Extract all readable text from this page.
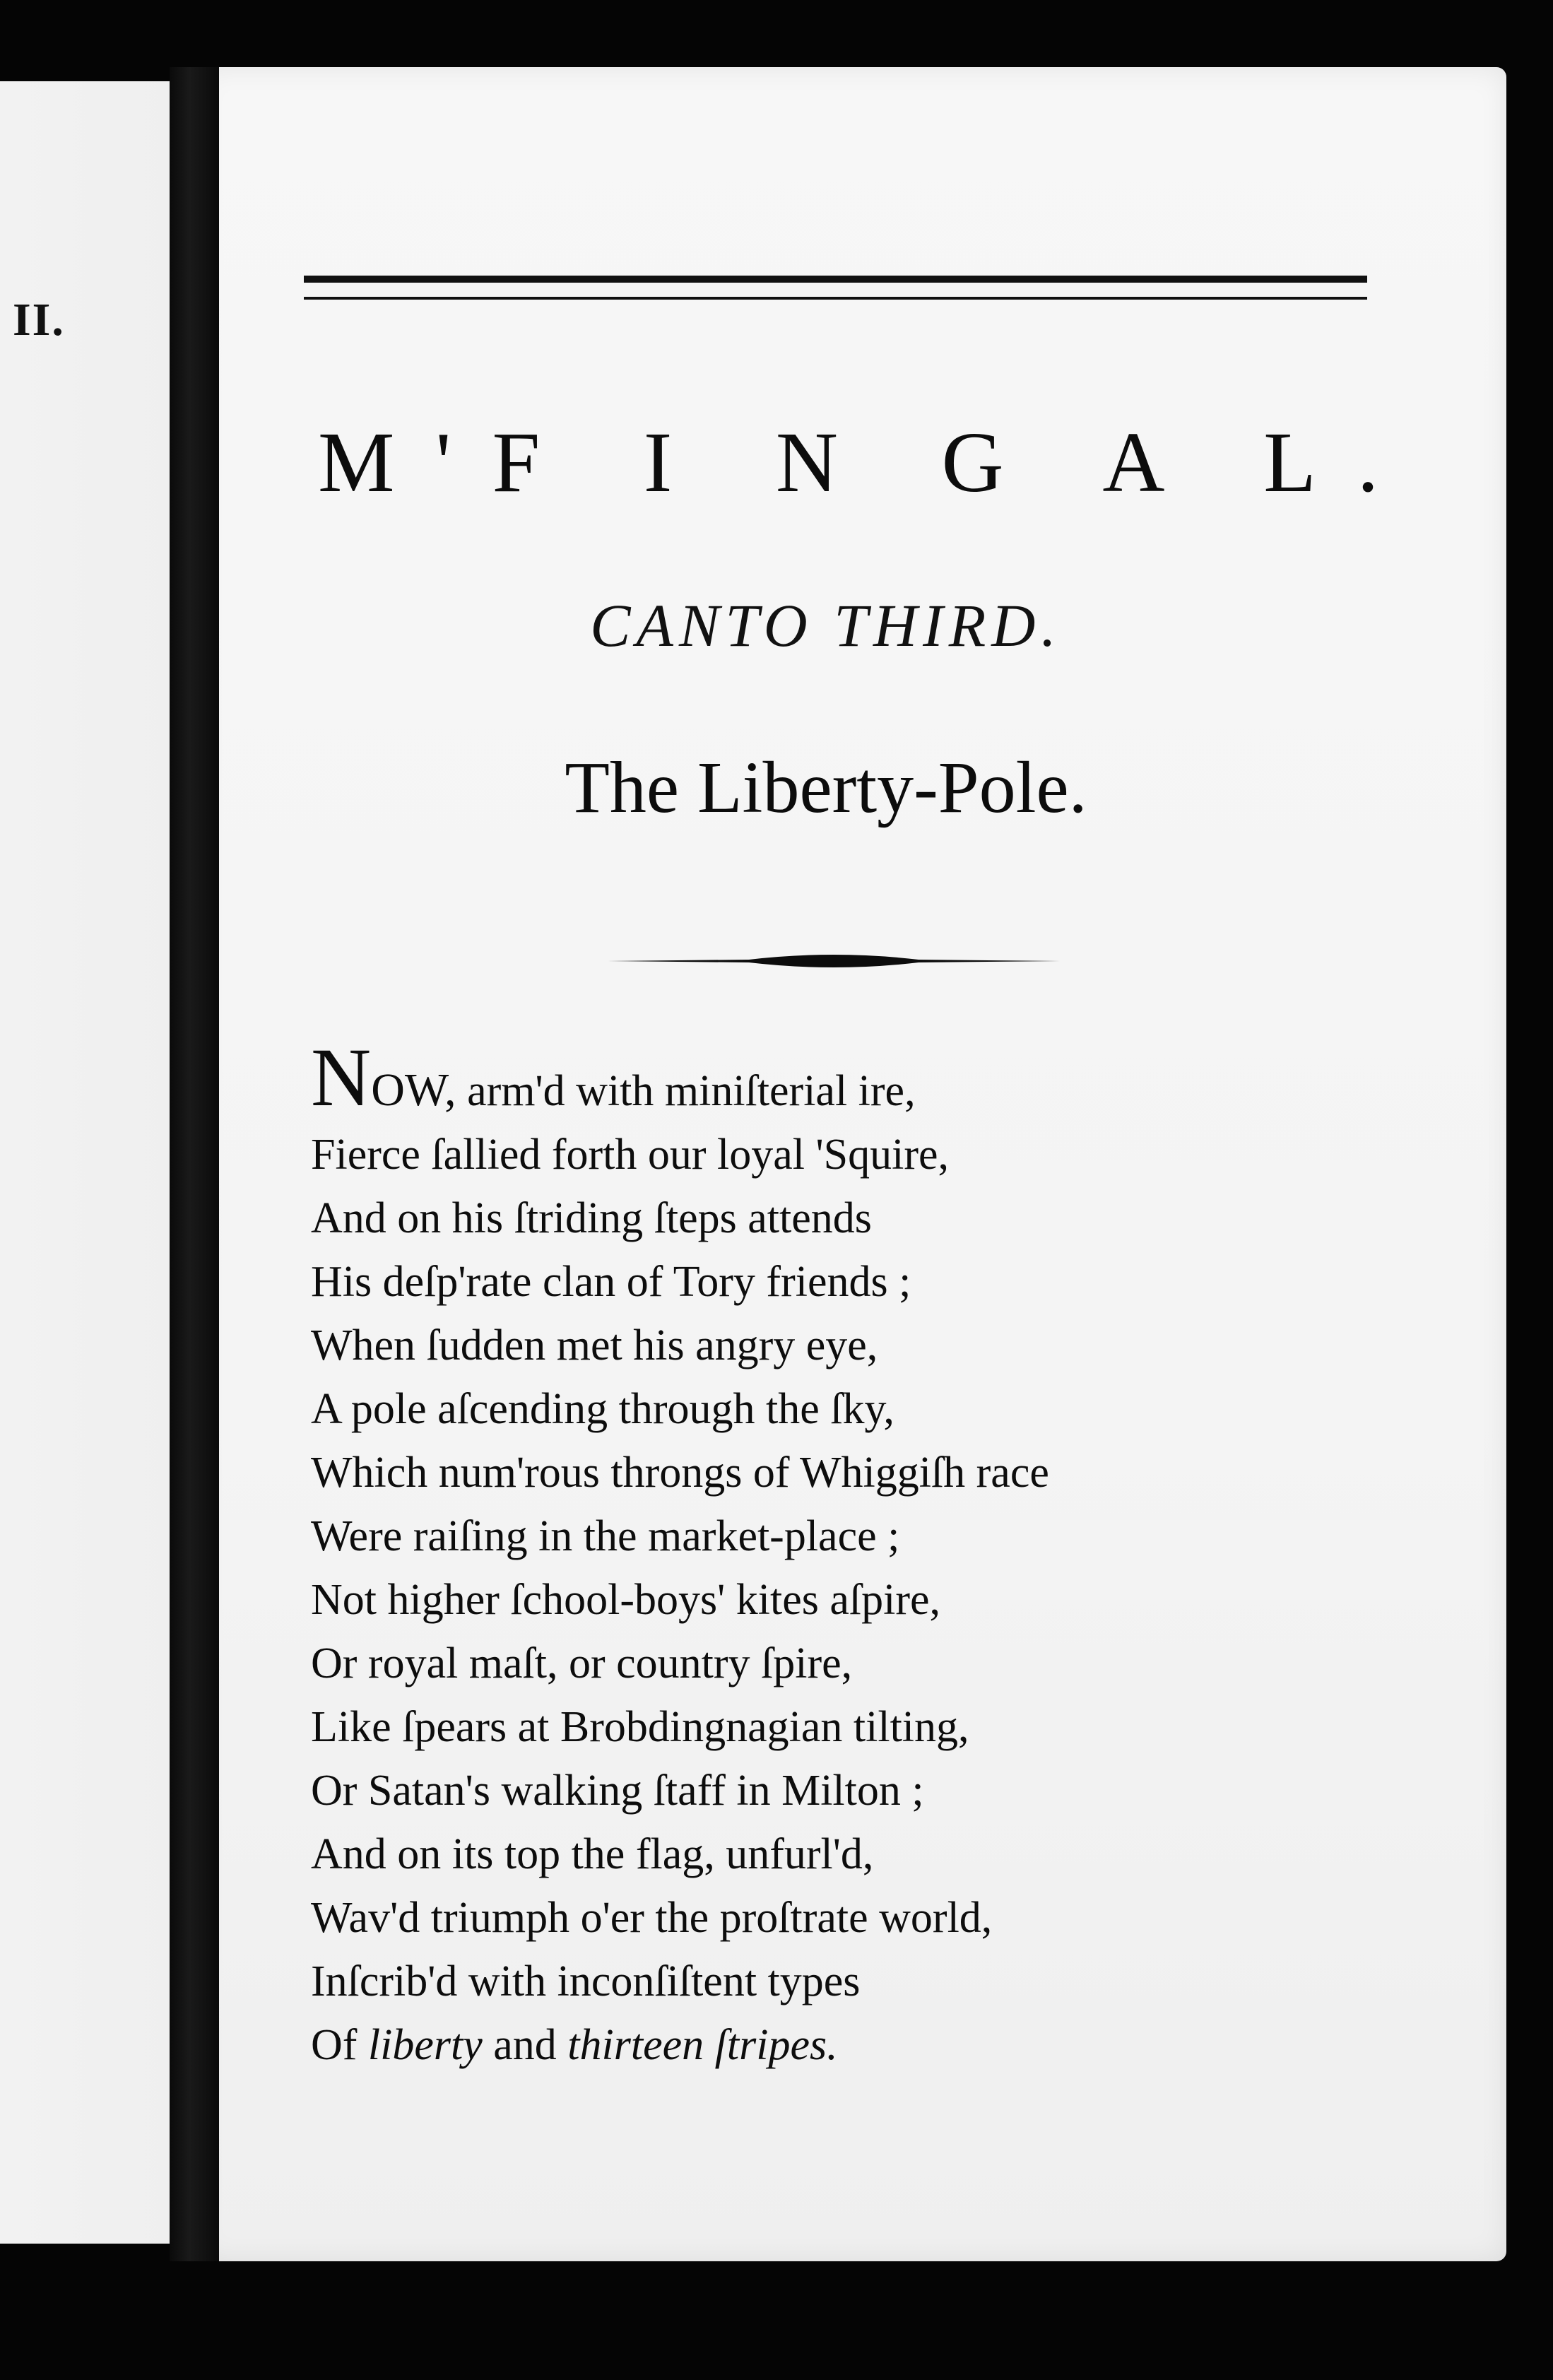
II.
M'F I N G A L.
CANTO THIRD.
The Liberty-Pole.
NOW, arm'd with miniſterial ire,
Fierce ſallied forth our loyal 'Squire,
And on his ſtriding ſteps attends
His deſp'rate clan of Tory friends ;
When ſudden met his angry eye,
A pole aſcending through the ſky,
Which num'rous throngs of Whiggiſh race
Were raiſing in the market-place ;
Not higher ſchool-boys' kites aſpire,
Or royal maſt, or country ſpire,
Like ſpears at Brobdingnagian tilting,
Or Satan's walking ſtaff in Milton ;
And on its top the flag, unfurl'd,
Wav'd triumph o'er the proſtrate world,
Inſcrib'd with inconſiſtent types
Of liberty and thirteen ſtripes.
